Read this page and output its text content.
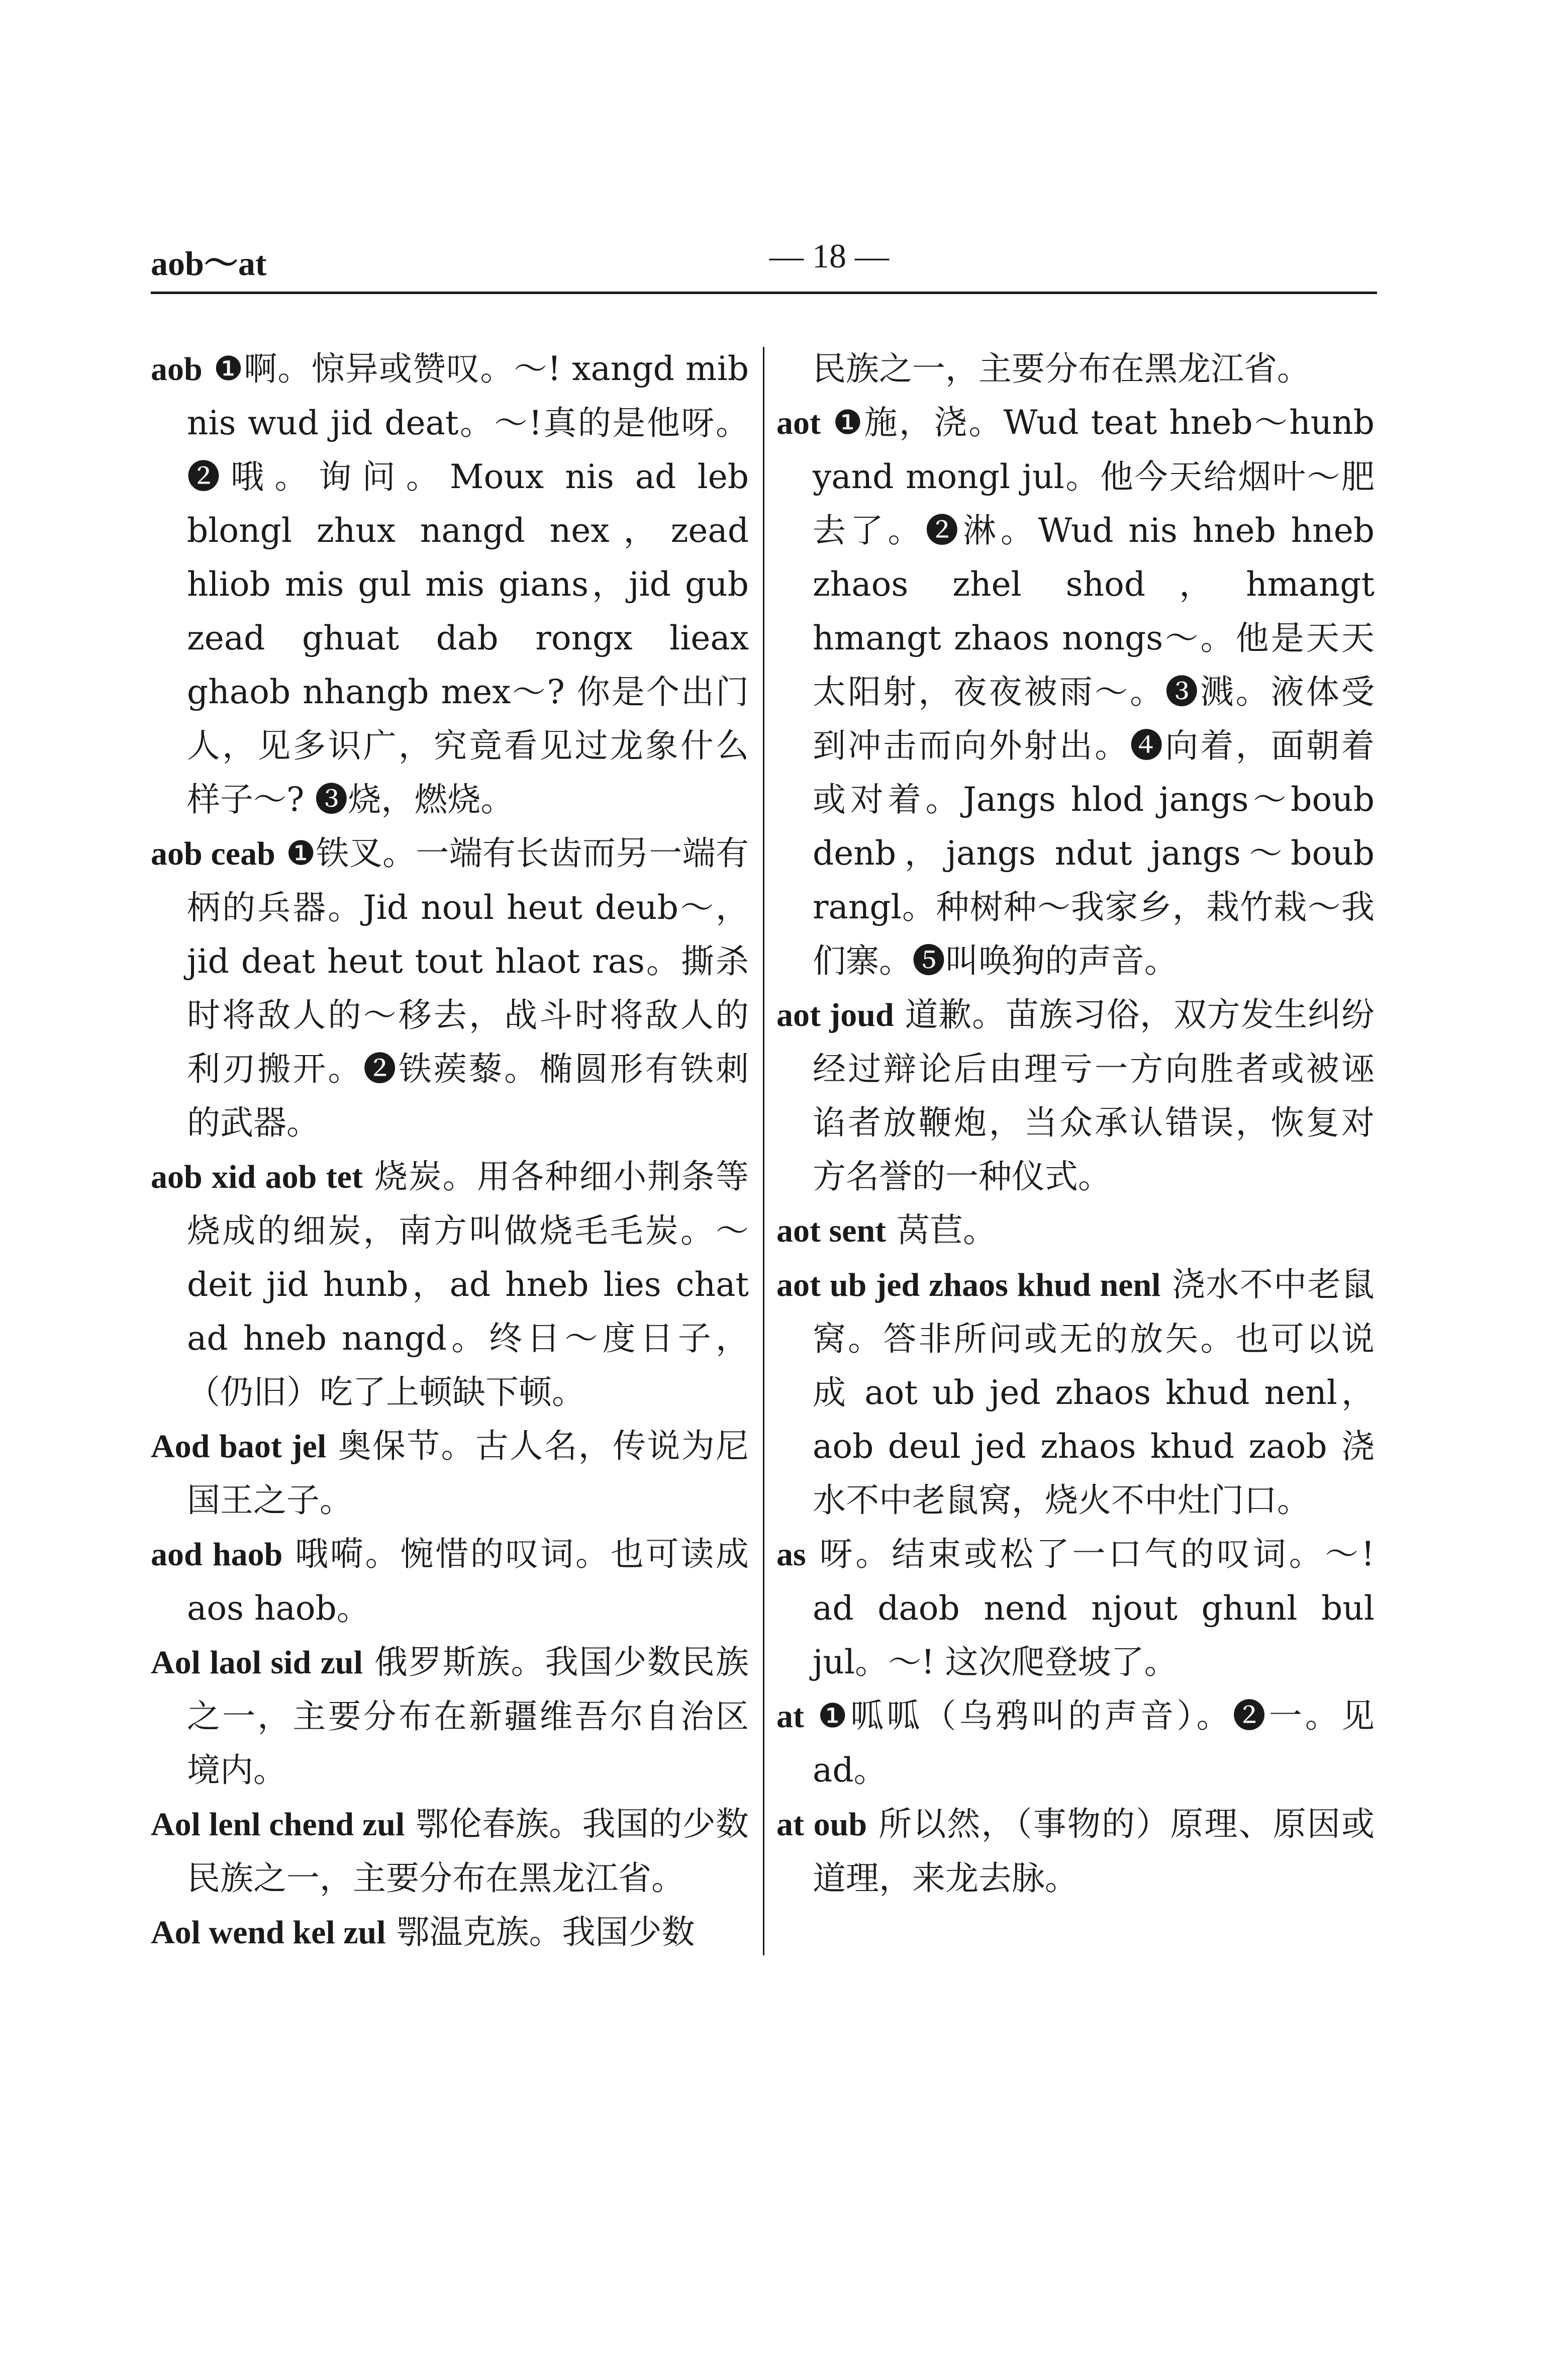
aob～at	— 18 —
aob ❶啊。惊异或赞叹。～! xangd mib nis wud jid deat。～!真的是他呀。❷哦。询问。Moux nis ad leb blongl zhux nangd nex，zead hliob mis gul mis gians，jid gub zead ghuat dab rongx lieax ghaob nhangb mex～? 你是个出门人，见多识广，究竟看见过龙象什么样子～? ❸烧，燃烧。
aob ceab ❶铁叉。一端有长齿而另一端有柄的兵器。Jid noul heut deub～，jid deat heut tout hlaot ras。撕杀时将敌人的～移去，战斗时将敌人的利刃搬开。❷铁蒺藜。椭圆形有铁刺的武器。
aob xid aob tet 烧炭。用各种细小荆条等烧成的细炭，南方叫做烧毛毛炭。～deit jid hunb，ad hneb lies chat ad hneb nangd。终日～度日子，（仍旧）吃了上顿缺下顿。
Aod baot jel 奥保节。古人名，传说为尼国王之子。
aod haob 哦嗬。惋惜的叹词。也可读成 aos haob。
Aol laol sid zul 俄罗斯族。我国少数民族之一，主要分布在新疆维吾尔自治区境内。
Aol lenl chend zul 鄂伦春族。我国的少数民族之一，主要分布在黑龙江省。
Aol wend kel zul 鄂温克族。我国少数
民族之一，主要分布在黑龙江省。
aot ❶施，浇。Wud teat hneb～hunb yand mongl jul。他今天给烟叶～肥去了。❷淋。Wud nis hneb hneb zhaos zhel shod，hmangt hmangt zhaos nongs～。他是天天太阳射，夜夜被雨～。❸溅。液体受到冲击而向外射出。❹向着，面朝着或对着。Jangs hlod jangs～boub denb，jangs ndut jangs～boub rangl。种树种～我家乡，栽竹栽～我们寨。❺叫唤狗的声音。
aot joud 道歉。苗族习俗，双方发生纠纷经过辩论后由理亏一方向胜者或被诬谄者放鞭炮，当众承认错误，恢复对方名誉的一种仪式。
aot sent 莴苣。
aot ub jed zhaos khud nenl 浇水不中老鼠窝。答非所问或无的放矢。也可以说成 aot ub jed zhaos khud nenl，aob deul jed zhaos khud zaob 浇水不中老鼠窝，烧火不中灶门口。
as 呀。结束或松了一口气的叹词。～! ad daob nend njout ghunl bul jul。～! 这次爬登坡了。
at ❶呱呱（乌鸦叫的声音）。❷一。见 ad。
at oub 所以然，（事物的）原理、原因或道理，来龙去脉。
